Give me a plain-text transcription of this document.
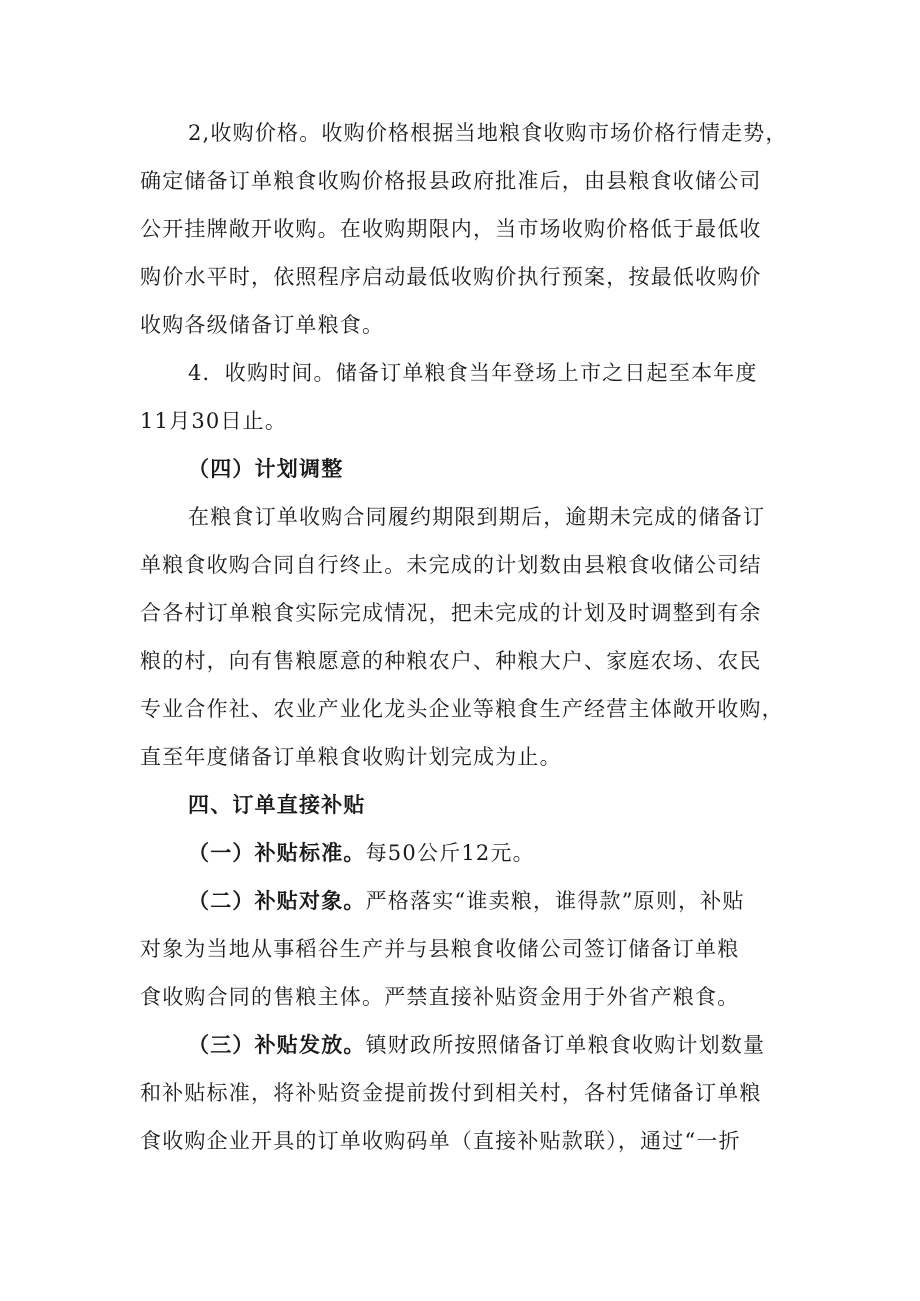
2,收购价格。收购价格根据当地粮食收购市场价格行情走势，
确定储备订单粮食收购价格报县政府批准后，由县粮食收储公司
公开挂牌敞开收购。在收购期限内，当市场收购价格低于最低收
购价水平时，依照程序启动最低收购价执行预案，按最低收购价
收购各级储备订单粮食。
4．收购时间。储备订单粮食当年登场上市之日起至本年度
11月30日止。
（四）计划调整
在粮食订单收购合同履约期限到期后，逾期未完成的储备订
单粮食收购合同自行终止。未完成的计划数由县粮食收储公司结
合各村订单粮食实际完成情况，把未完成的计划及时调整到有余
粮的村，向有售粮愿意的种粮农户、种粮大户、家庭农场、农民
专业合作社、农业产业化龙头企业等粮食生产经营主体敞开收购，
直至年度储备订单粮食收购计划完成为止。
四、订单直接补贴
（一）补贴标准。每50公斤12元。
（二）补贴对象。严格落实“谁卖粮，谁得款”原则，补贴
对象为当地从事稻谷生产并与县粮食收储公司签订储备订单粮
食收购合同的售粮主体。严禁直接补贴资金用于外省产粮食。
（三）补贴发放。镇财政所按照储备订单粮食收购计划数量
和补贴标准，将补贴资金提前拨付到相关村，各村凭储备订单粮
食收购企业开具的订单收购码单（直接补贴款联），通过“一折
